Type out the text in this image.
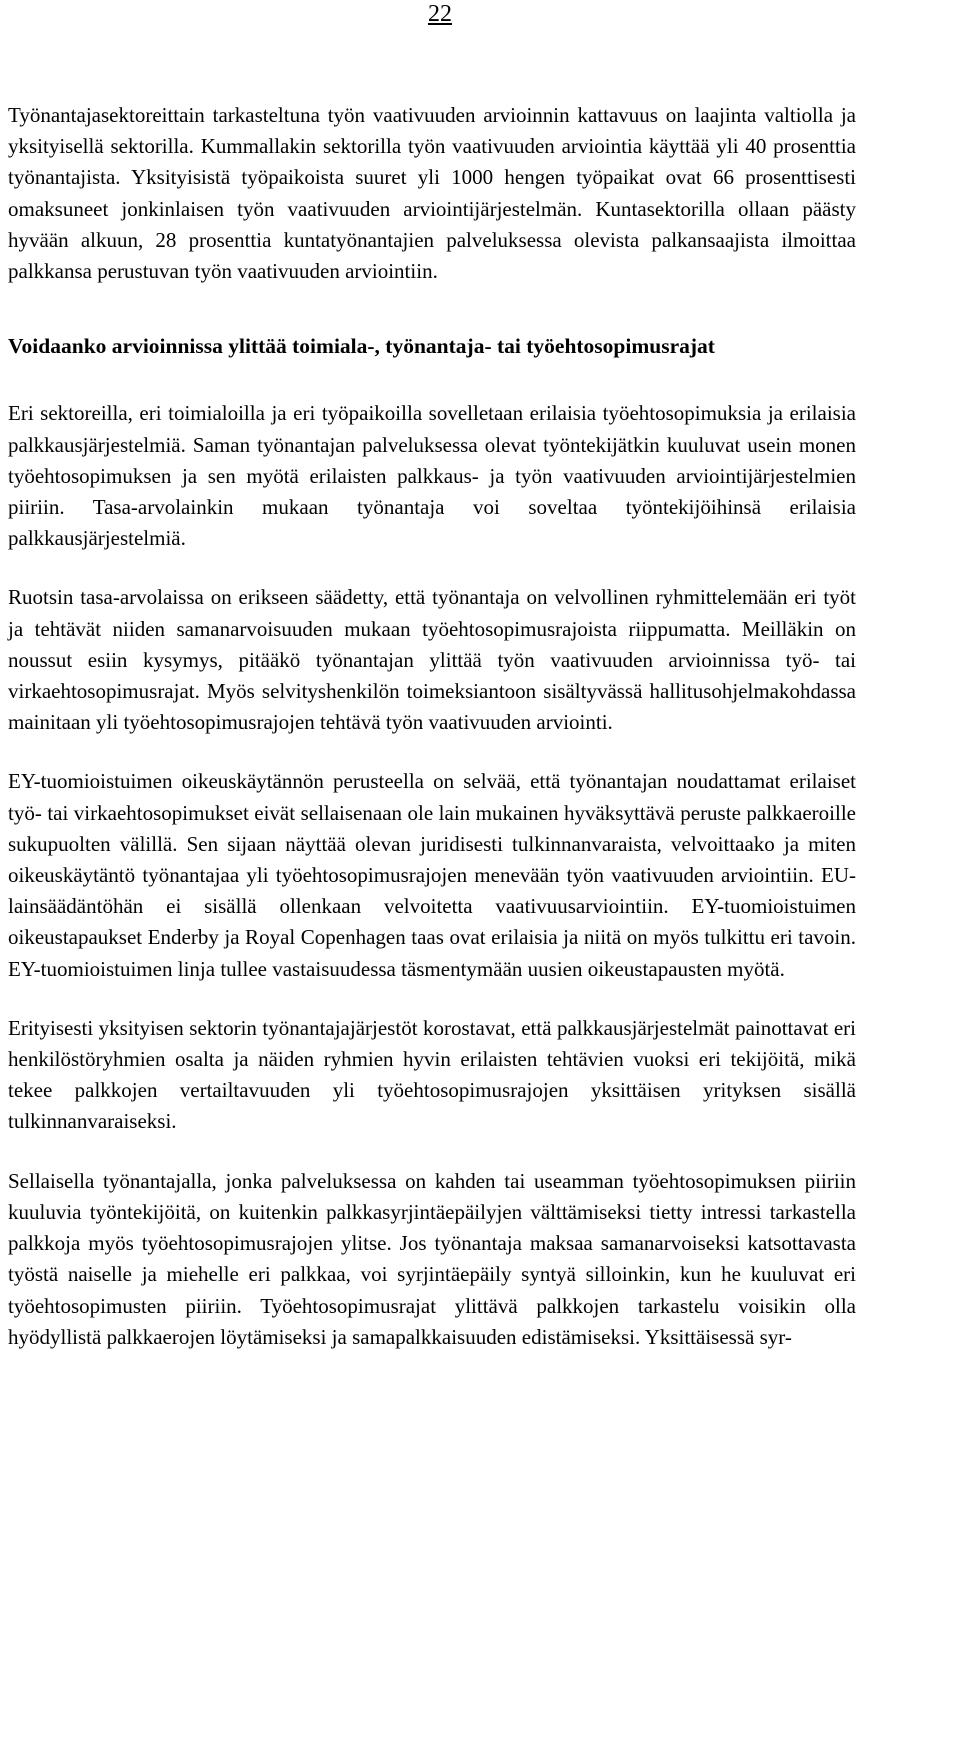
22

Työnantajasektoreittain tarkasteltuna työn vaativuuden arvioinnin kattavuus on laajinta valtiolla ja yksityisellä sektorilla. Kummallakin sektorilla työn vaativuuden arviointia käyttää yli 40 prosenttia työnantajista. Yksityisistä työpaikoista suuret yli 1000 hengen työpaikat ovat 66 prosenttisesti omaksuneet jonkinlaisen työn vaativuuden arviointijärjestelmän. Kuntasektorilla ollaan päästy hyvään alkuun, 28 prosenttia kuntatyönantajien palveluksessa olevista palkansaajista ilmoittaa palkkansa perustuvan työn vaativuuden arviointiin.

Voidaanko arvioinnissa ylittää toimiala-, työnantaja- tai työehtosopimusrajat

Eri sektoreilla, eri toimialoilla ja eri työpaikoilla sovelletaan erilaisia työehtosopimuksia ja erilaisia palkkausjärjestelmiä. Saman työnantajan palveluksessa olevat työntekijätkin kuuluvat usein monen työehtosopimuksen ja sen myötä erilaisten palkkaus- ja työn vaativuuden arviointijärjestelmien piiriin. Tasa-arvolainkin mukaan työnantaja voi soveltaa työntekijöihinsä erilaisia palkkausjärjestelmiä.

Ruotsin tasa-arvolaissa on erikseen säädetty, että työnantaja on velvollinen ryhmittelemään eri työt ja tehtävät niiden samanarvoisuuden mukaan työehtosopimusrajoista riippumatta. Meilläkin on noussut esiin kysymys, pitääkö työnantajan ylittää työn vaativuuden arvioinnissa työ- tai virkaehtosopimusrajat. Myös selvityshenkilön toimeksiantoon sisältyvässä hallitusohjelmakohdassa mainitaan yli työehtosopimusrajojen tehtävä työn vaativuuden arviointi.

EY-tuomioistuimen oikeuskäytännön perusteella on selvää, että työnantajan noudattamat erilaiset työ- tai virkaehtosopimukset eivät sellaisenaan ole lain mukainen hyväksyttävä peruste palkkaeroille sukupuolten välillä. Sen sijaan näyttää olevan juridisesti tulkinnanvaraista, velvoittaako ja miten oikeuskäytäntö työnantajaa yli työehtosopimusrajojen menevään työn vaativuuden arviointiin. EU-lainsäädäntöhän ei sisällä ollenkaan velvoitetta vaativuusarviointiin. EY-tuomioistuimen oikeustapaukset Enderby ja Royal Copenhagen taas ovat erilaisia ja niitä on myös tulkittu eri tavoin. EY-tuomioistuimen linja tullee vastaisuudessa täsmentymään uusien oikeustapausten myötä.

Erityisesti yksityisen sektorin työnantajajärjestöt korostavat, että palkkausjärjestelmät painottavat eri henkilöstöryhmien osalta ja näiden ryhmien hyvin erilaisten tehtävien vuoksi eri tekijöitä, mikä tekee palkkojen vertailtavuuden yli työehtosopimusrajojen yksittäisen yrityksen sisällä tulkinnanvaraiseksi.

Sellaisella työnantajalla, jonka palveluksessa on kahden tai useamman työehtosopimuksen piiriin kuuluvia työntekijöitä, on kuitenkin palkkasyrjintäepäilyjen välttämiseksi tietty intressi tarkastella palkkoja myös työehtosopimusrajojen ylitse. Jos työnantaja maksaa samanarvoiseksi katsottavasta työstä naiselle ja miehelle eri palkkaa, voi syrjintäepäily syntyä silloinkin, kun he kuuluvat eri työehtosopimusten piiriin. Työehtosopimusrajat ylittävä palkkojen tarkastelu voisikin olla hyödyllistä palkkaerojen löytämiseksi ja samapalkkaisuuden edistämiseksi. Yksittäisessä syr-
